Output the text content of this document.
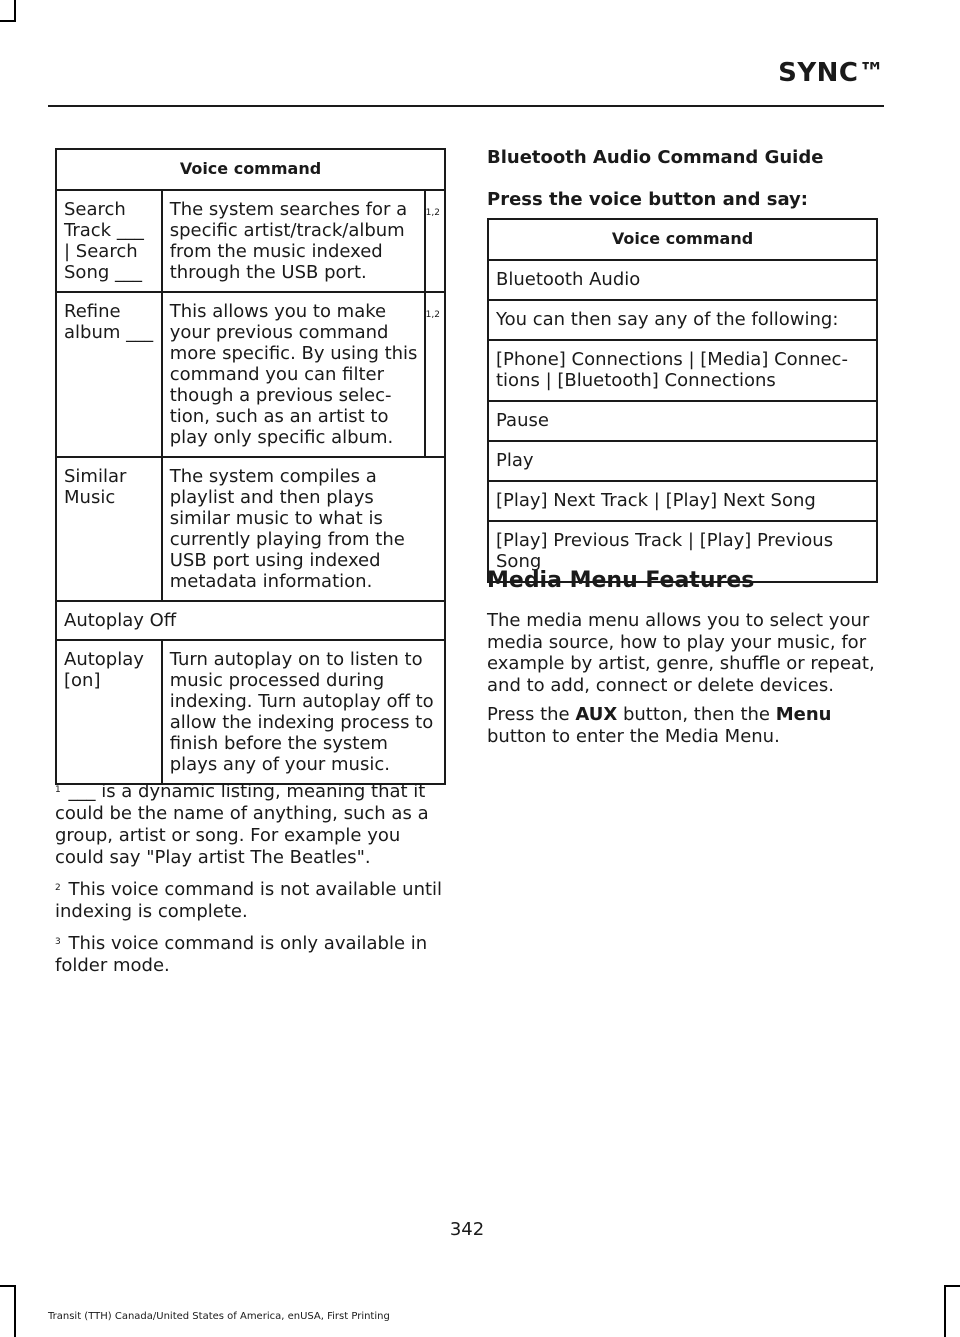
SYNC™
Voice command		
Search Track ___ | Search Song ___	The system searches for a specific artist/track/album from the music indexed through the USB port.	1,2
Refine album ___	This allows you to make your previous command more specific. By using this command you can filter though a previous selec- tion, such as an artist to play only specific album.	1,2
Similar Music	The system compiles a playlist and then plays similar music to what is currently playing from the USB port using indexed metadata information.	
Autoplay Off		
Autoplay [on]	Turn autoplay on to listen to music processed during indexing. Turn autoplay off to allow the indexing process to finish before the system plays any of your music.	

$^1$ ___ is a dynamic listing, meaning that it could be the name of anything, such as a group, artist or song. For example you could say "Play artist The Beatles".

$^2$ This voice command is not available until indexing is complete.

$^3$ This voice command is only available in folder mode.

Bluetooth Audio Command Guide
Press the voice button and say:
Voice command
Bluetooth Audio
You can then say any of the following:
[Phone] Connections | [Media] Connec- tions | [Bluetooth] Connections
Pause
Play
[Play] Next Track | [Play] Next Song
[Play] Previous Track | [Play] Previous Song
Media Menu Features
The media menu allows you to select your media source, how to play your music, for example by artist, genre, shuffle or repeat, and to add, connect or delete devices.
Press the AUX button, then the Menu button to enter the Media Menu.
342
Transit (TTH) Canada/United States of America, enUSA, First Printing
